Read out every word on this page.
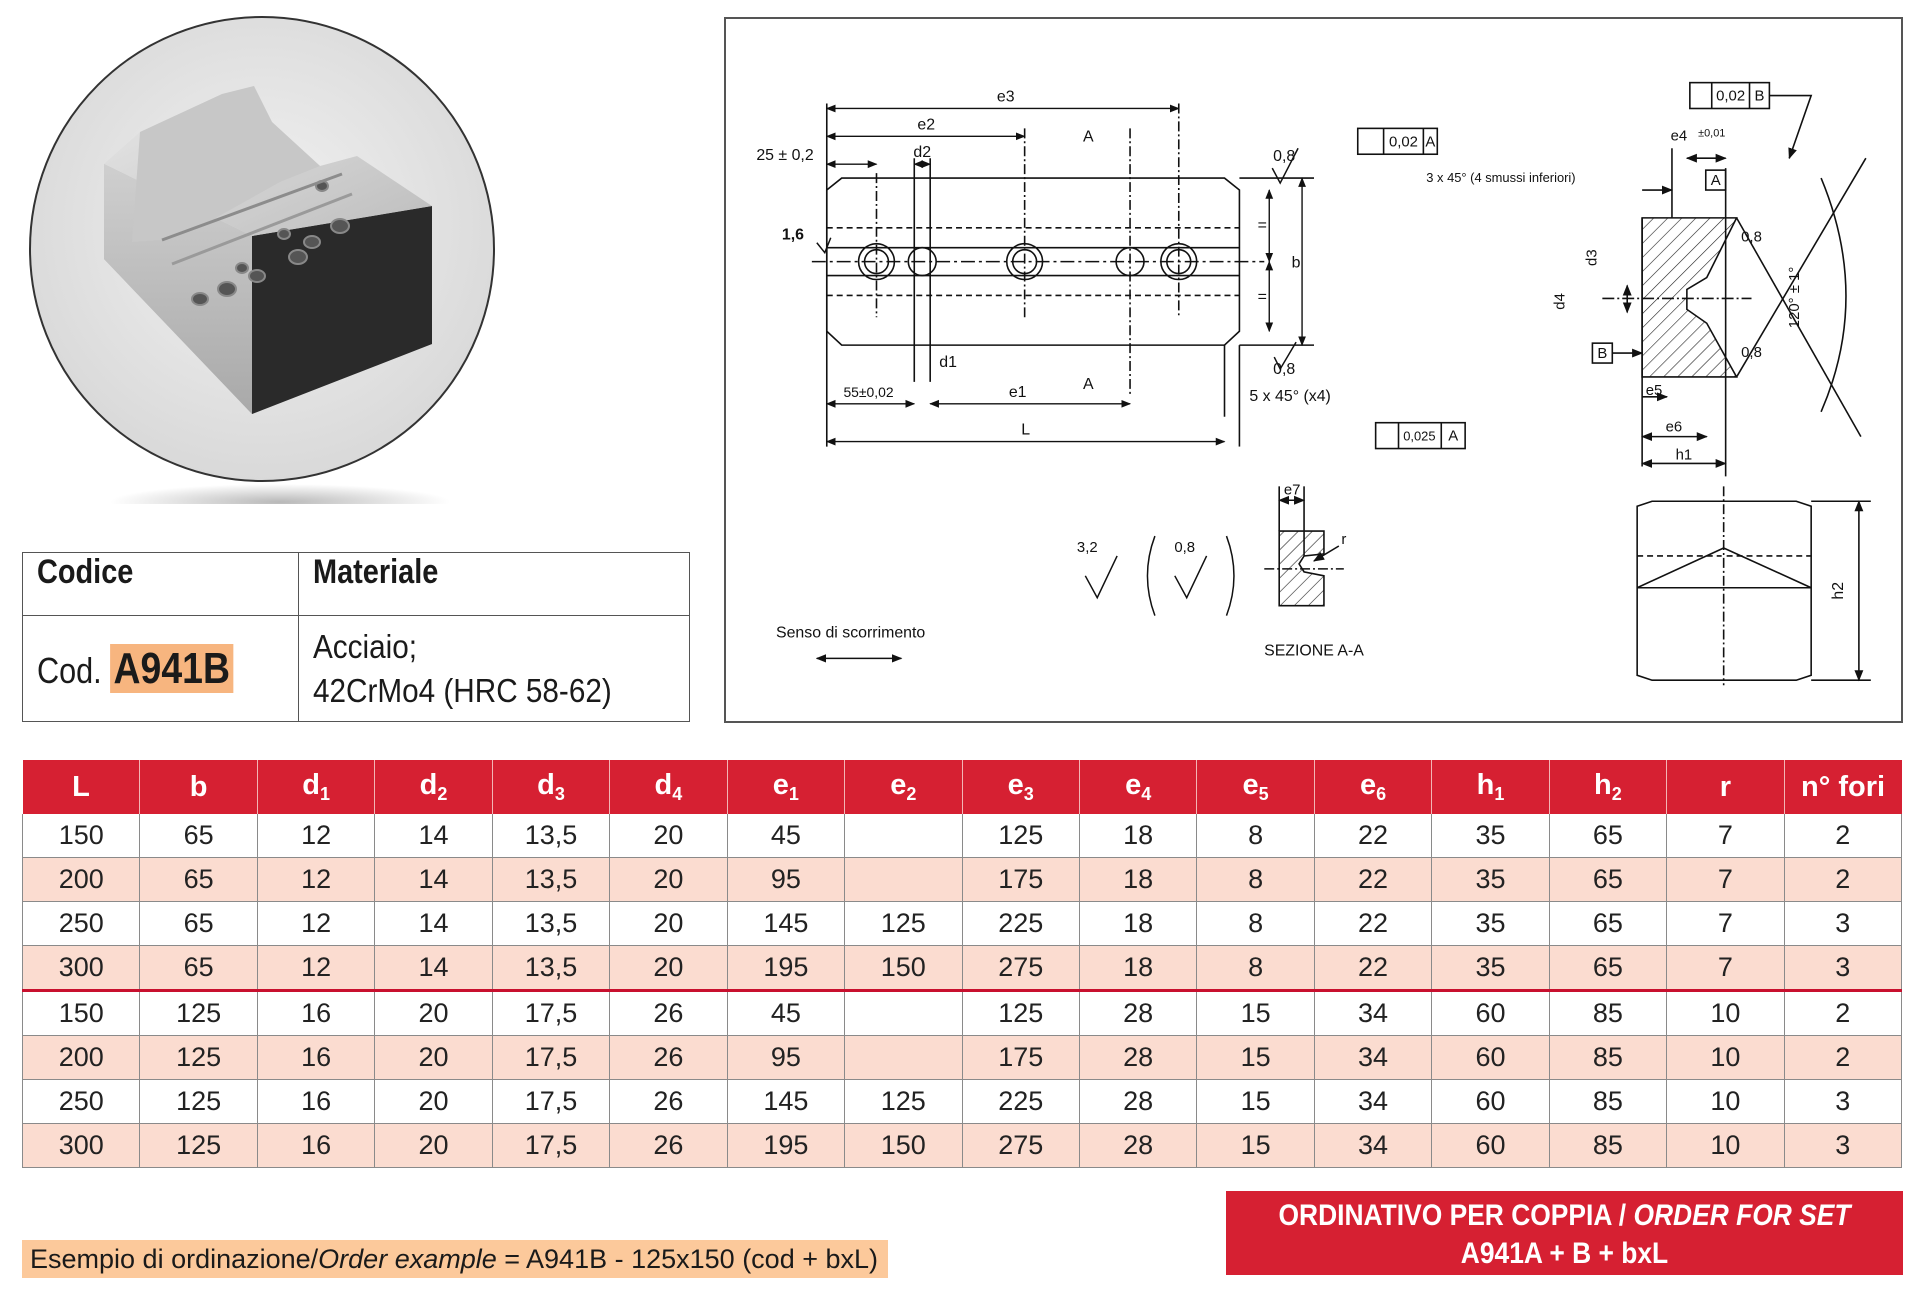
Codice	Materiale

Cod. A941B	Acciaio;
42CrMo4 (HRC 58-62)
e3
e2
d2
A
25 ± 0,2	0,8
1,6
b
=
=
d1	0,8
55±0,02	e1	A
L
5 x 45° (x4)
3,2	0,8
Senso di scorrimento
0,02 A
0,02 B
0,025 A
A
B
e4 ±0,01
3 x 45° (4 smussi inferiori)
d3
d4
0,8
0,8
120° ± 1°
e5
e6
h1
e7
r
SEZIONE A-A
h2
L	b	$d_1$	$d_2$	$d_3$	$d_4$	$e_1$	$e_2$	$e_3$	$e_4$	$e_5$	$e_6$	$h_1$	$h_2$	r	n° fori
150	65	12	14	13,5	20	45		125	18	8	22	35	65	7	2
200	65	12	14	13,5	20	95		175	18	8	22	35	65	7	2
250	65	12	14	13,5	20	145	125	225	18	8	22	35	65	7	3
300	65	12	14	13,5	20	195	150	275	18	8	22	35	65	7	3
150	125	16	20	17,5	26	45		125	28	15	34	60	85	10	2
200	125	16	20	17,5	26	95		175	28	15	34	60	85	10	2
250	125	16	20	17,5	26	145	125	225	28	15	34	60	85	10	3
300	125	16	20	17,5	26	195	150	275	28	15	34	60	85	10	3
Esempio di ordinazione/Order example = A941B - 125x150 (cod + bxL)
ORDINATIVO PER COPPIA / ORDER FOR SET
A941A + B + bxL
